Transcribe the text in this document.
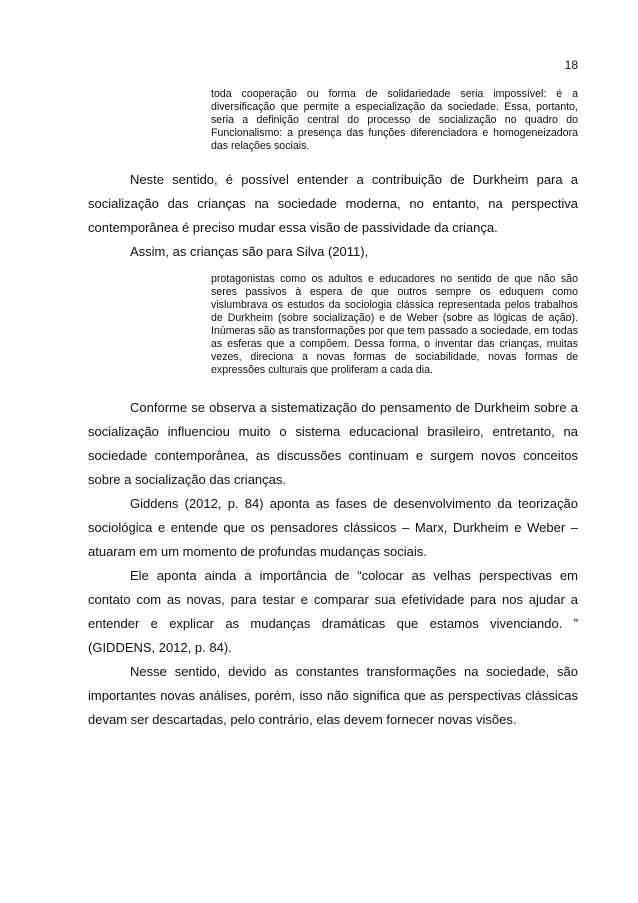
18
toda cooperação ou forma de solidariedade seria impossível: é a diversificação que permite a especialização da sociedade. Essa, portanto, seria a definição central do processo de socialização no quadro do Funcionalismo: a presença das funções diferenciadora e homogeneizadora das relações sociais.

Neste sentido, é possível entender a contribuição de Durkheim para a socialização das crianças na sociedade moderna, no entanto, na perspectiva contemporânea é preciso mudar essa visão de passividade da criança.

Assim, as crianças são para Silva (2011),

protagonistas como os adultos e educadores no sentido de que não são seres passivos à espera de que outros sempre os eduquem como vislumbrava os estudos da sociologia clássica representada pelos trabalhos de Durkheim (sobre socialização) e de Weber (sobre as lógicas de ação). Inúmeras são as transformações por que tem passado a sociedade, em todas as esferas que a compõem. Dessa forma, o inventar das crianças, muitas vezes, direciona a novas formas de sociabilidade, novas formas de expressões culturais que proliferam a cada dia.

Conforme se observa a sistematização do pensamento de Durkheim sobre a socialização influenciou muito o sistema educacional brasileiro, entretanto, na sociedade contemporânea, as discussões continuam e surgem novos conceitos sobre a socialização das crianças.

Giddens (2012, p. 84) aponta as fases de desenvolvimento da teorização sociológica e entende que os pensadores clássicos – Marx, Durkheim e Weber – atuaram em um momento de profundas mudanças sociais.

Ele aponta ainda a importância de “colocar as velhas perspectivas em contato com as novas, para testar e comparar sua efetividade para nos ajudar a entender e explicar as mudanças dramáticas que estamos vivenciando. ” (GIDDENS, 2012, p. 84).

Nesse sentido, devido as constantes transformações na sociedade, são importantes novas análises, porém, isso não significa que as perspectivas clássicas devam ser descartadas, pelo contrário, elas devem fornecer novas visões.
